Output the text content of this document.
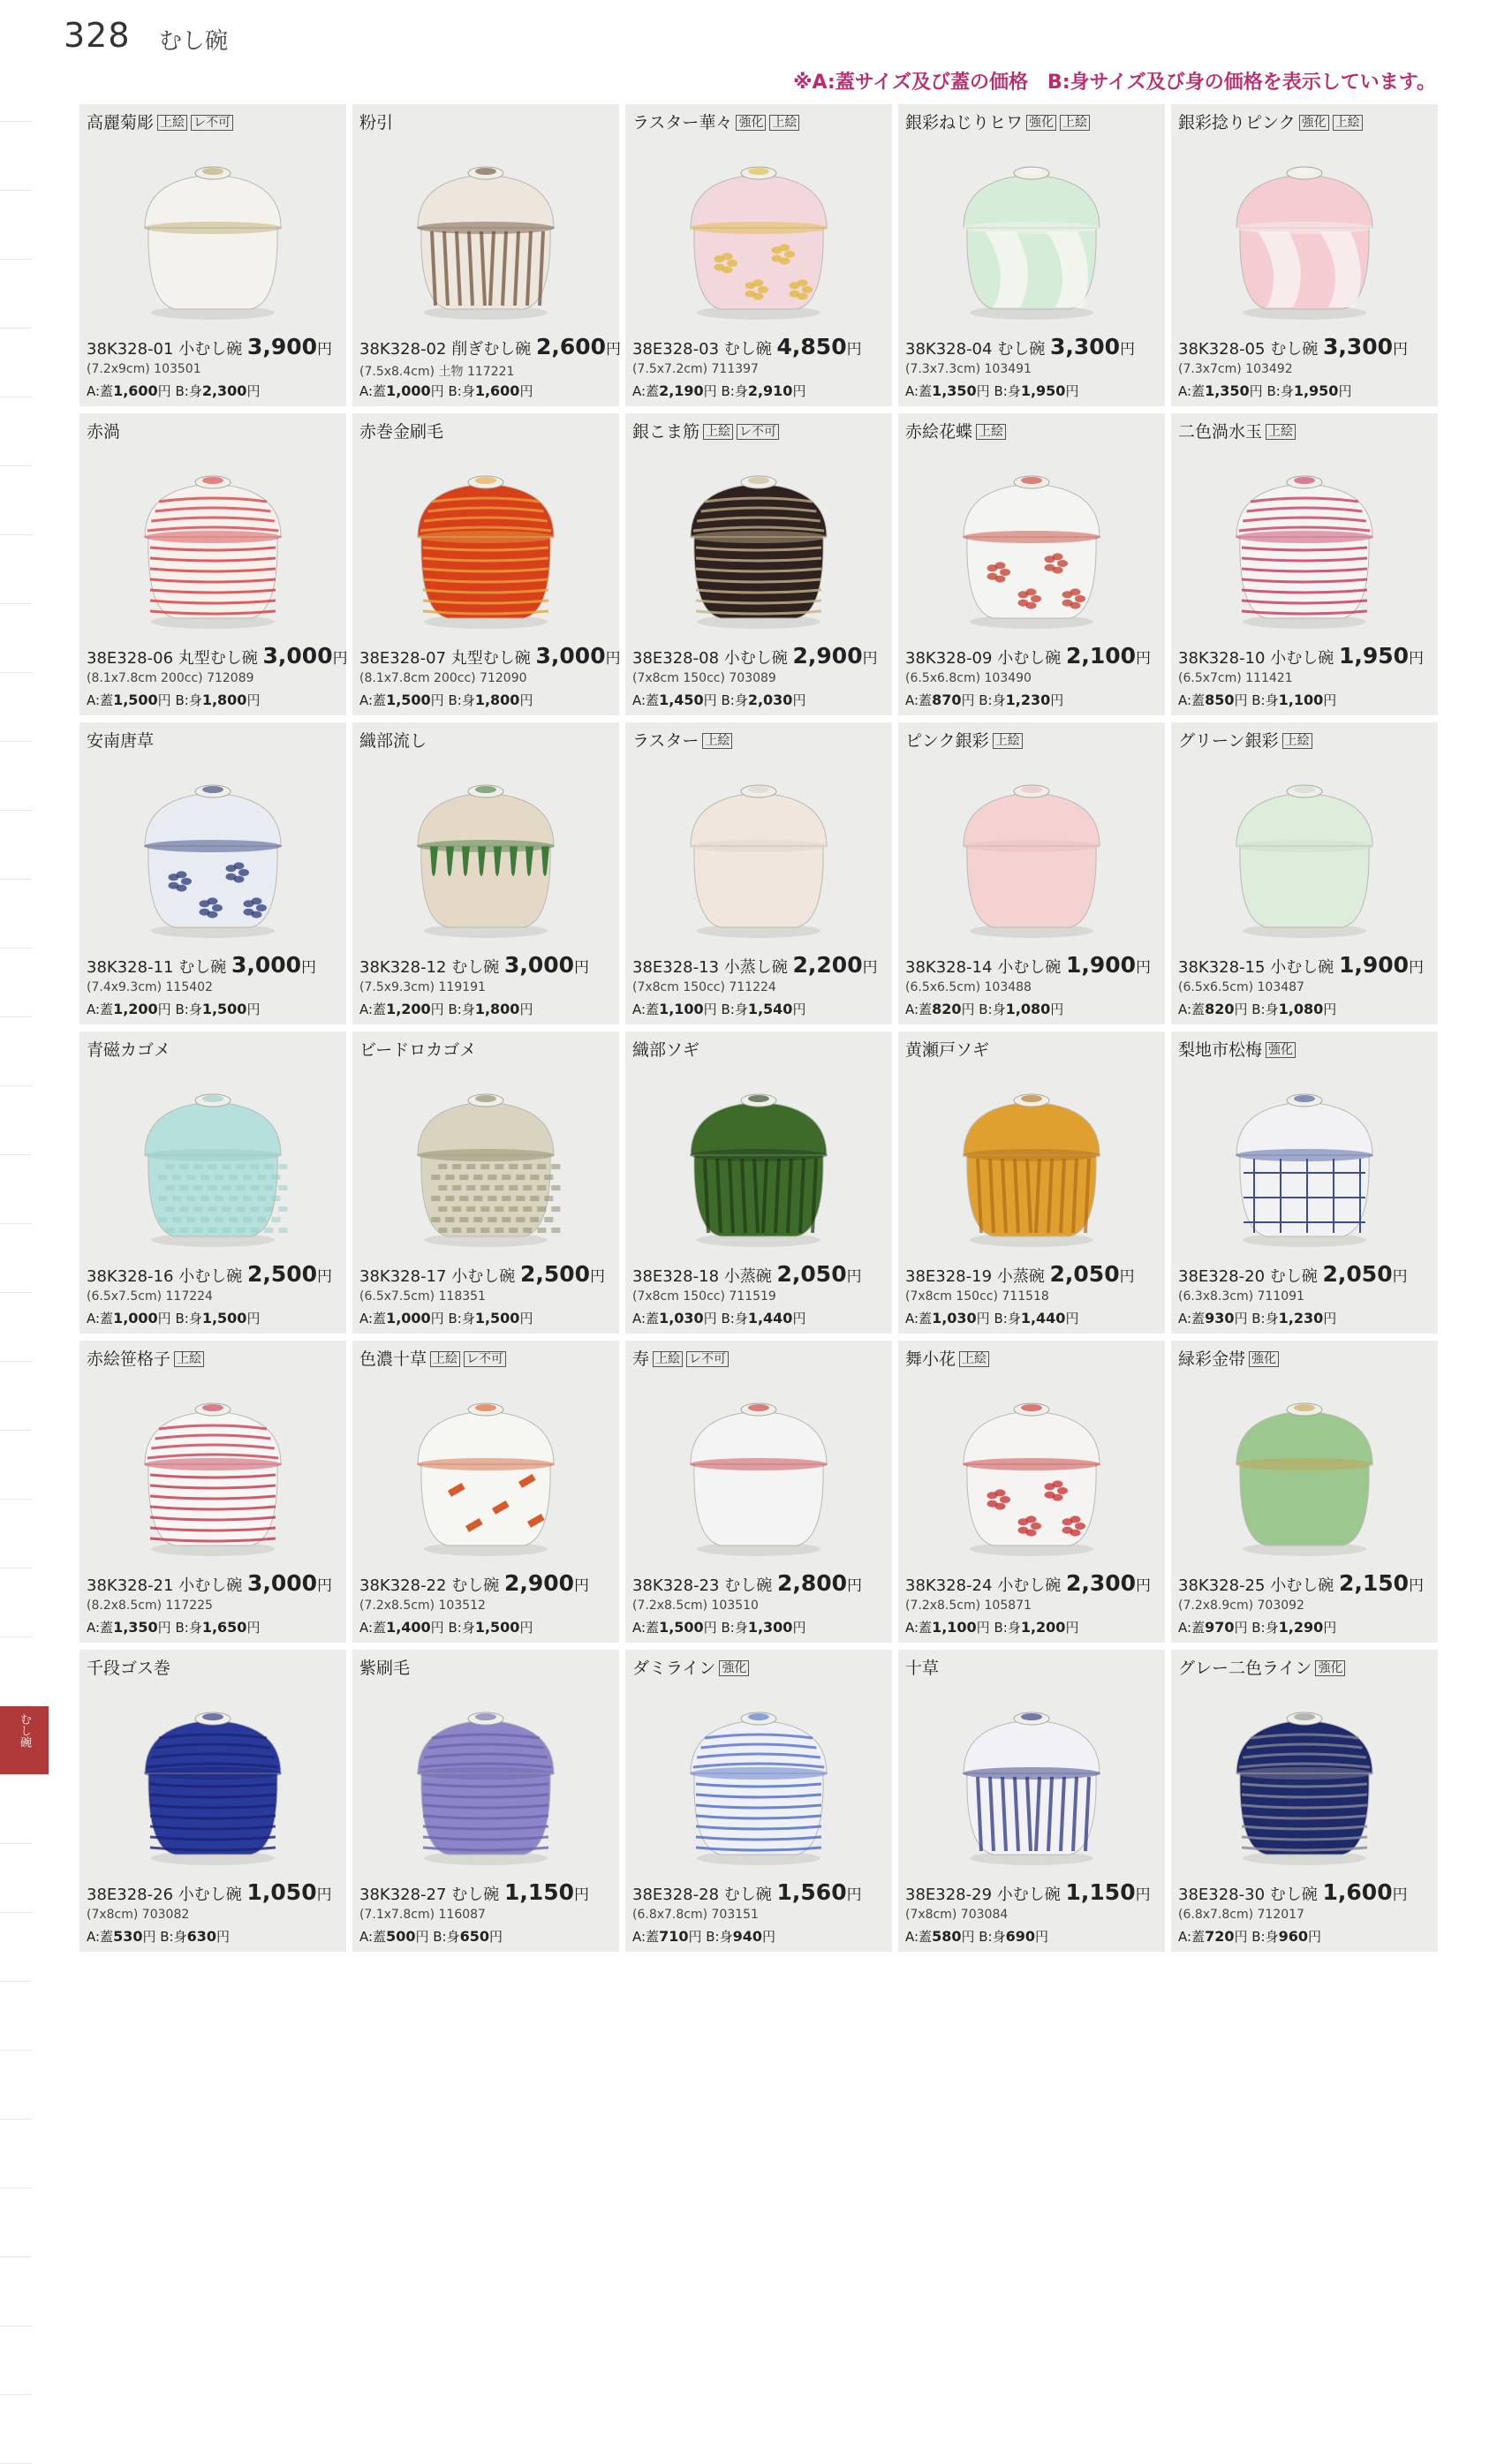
328 むし碗
※A:蓋サイズ及び蓋の価格　B:身サイズ及び身の価格を表示しています。
むし碗
高麗菊彫 上絵 レ不可
38K328-01 小むし碗 3,900円
(7.2x9cm) 103501
A:蓋1,600円 B:身2,300円
粉引
38K328-02 削ぎむし碗 2,600円
(7.5x8.4cm) 土物 117221
A:蓋1,000円 B:身1,600円
ラスター華々 強化 上絵
38E328-03 むし碗 4,850円
(7.5x7.2cm) 711397
A:蓋2,190円 B:身2,910円
銀彩ねじりヒワ 強化 上絵
38K328-04 むし碗 3,300円
(7.3x7.3cm) 103491
A:蓋1,350円 B:身1,950円
銀彩捻りピンク 強化 上絵
38K328-05 むし碗 3,300円
(7.3x7cm) 103492
A:蓋1,350円 B:身1,950円
赤渦
38E328-06 丸型むし碗 3,000円
(8.1x7.8cm 200cc) 712089
A:蓋1,500円 B:身1,800円
赤巻金刷毛
38E328-07 丸型むし碗 3,000円
(8.1x7.8cm 200cc) 712090
A:蓋1,500円 B:身1,800円
銀こま筋 上絵 レ不可
38E328-08 小むし碗 2,900円
(7x8cm 150cc) 703089
A:蓋1,450円 B:身2,030円
赤絵花蝶 上絵
38K328-09 小むし碗 2,100円
(6.5x6.8cm) 103490
A:蓋870円 B:身1,230円
二色渦水玉 上絵
38K328-10 小むし碗 1,950円
(6.5x7cm) 111421
A:蓋850円 B:身1,100円
安南唐草
38K328-11 むし碗 3,000円
(7.4x9.3cm) 115402
A:蓋1,200円 B:身1,500円
織部流し
38K328-12 むし碗 3,000円
(7.5x9.3cm) 119191
A:蓋1,200円 B:身1,800円
ラスター 上絵
38E328-13 小蒸し碗 2,200円
(7x8cm 150cc) 711224
A:蓋1,100円 B:身1,540円
ピンク銀彩 上絵
38K328-14 小むし碗 1,900円
(6.5x6.5cm) 103488
A:蓋820円 B:身1,080円
グリーン銀彩 上絵
38K328-15 小むし碗 1,900円
(6.5x6.5cm) 103487
A:蓋820円 B:身1,080円
青磁カゴメ
38K328-16 小むし碗 2,500円
(6.5x7.5cm) 117224
A:蓋1,000円 B:身1,500円
ビードロカゴメ
38K328-17 小むし碗 2,500円
(6.5x7.5cm) 118351
A:蓋1,000円 B:身1,500円
織部ソギ
38E328-18 小蒸碗 2,050円
(7x8cm 150cc) 711519
A:蓋1,030円 B:身1,440円
黄瀬戸ソギ
38E328-19 小蒸碗 2,050円
(7x8cm 150cc) 711518
A:蓋1,030円 B:身1,440円
梨地市松梅 強化
38E328-20 むし碗 2,050円
(6.3x8.3cm) 711091
A:蓋930円 B:身1,230円
赤絵笹格子 上絵
38K328-21 小むし碗 3,000円
(8.2x8.5cm) 117225
A:蓋1,350円 B:身1,650円
色濃十草 上絵 レ不可
38K328-22 むし碗 2,900円
(7.2x8.5cm) 103512
A:蓋1,400円 B:身1,500円
寿 上絵 レ不可
38K328-23 むし碗 2,800円
(7.2x8.5cm) 103510
A:蓋1,500円 B:身1,300円
舞小花 上絵
38K328-24 小むし碗 2,300円
(7.2x8.5cm) 105871
A:蓋1,100円 B:身1,200円
緑彩金帯 強化
38K328-25 小むし碗 2,150円
(7.2x8.9cm) 703092
A:蓋970円 B:身1,290円
千段ゴス巻
38E328-26 小むし碗 1,050円
(7x8cm) 703082
A:蓋530円 B:身630円
紫刷毛
38K328-27 むし碗 1,150円
(7.1x7.8cm) 116087
A:蓋500円 B:身650円
ダミライン 強化
38E328-28 むし碗 1,560円
(6.8x7.8cm) 703151
A:蓋710円 B:身940円
十草
38E328-29 小むし碗 1,150円
(7x8cm) 703084
A:蓋580円 B:身690円
グレー二色ライン 強化
38E328-30 むし碗 1,600円
(6.8x7.8cm) 712017
A:蓋720円 B:身960円
